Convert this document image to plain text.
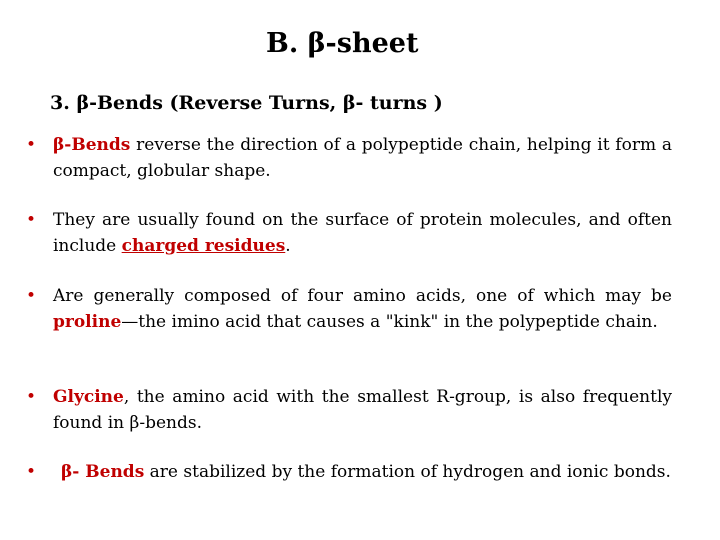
B. β-sheet
3. β-Bends (Reverse Turns, β- turns )
• β-Bends reverse the direction of a polypeptide chain, helping it form a compact, globular shape.
• They are usually found on the surface of protein molecules, and often include charged residues.
• Are generally composed of four amino acids, one of which may be proline—the imino acid that causes a "kink" in the polypeptide chain.
• Glycine, the amino acid with the smallest R-group, is also frequently found in β-bends.
• β- Bends are stabilized by the formation of hydrogen and ionic bonds.
